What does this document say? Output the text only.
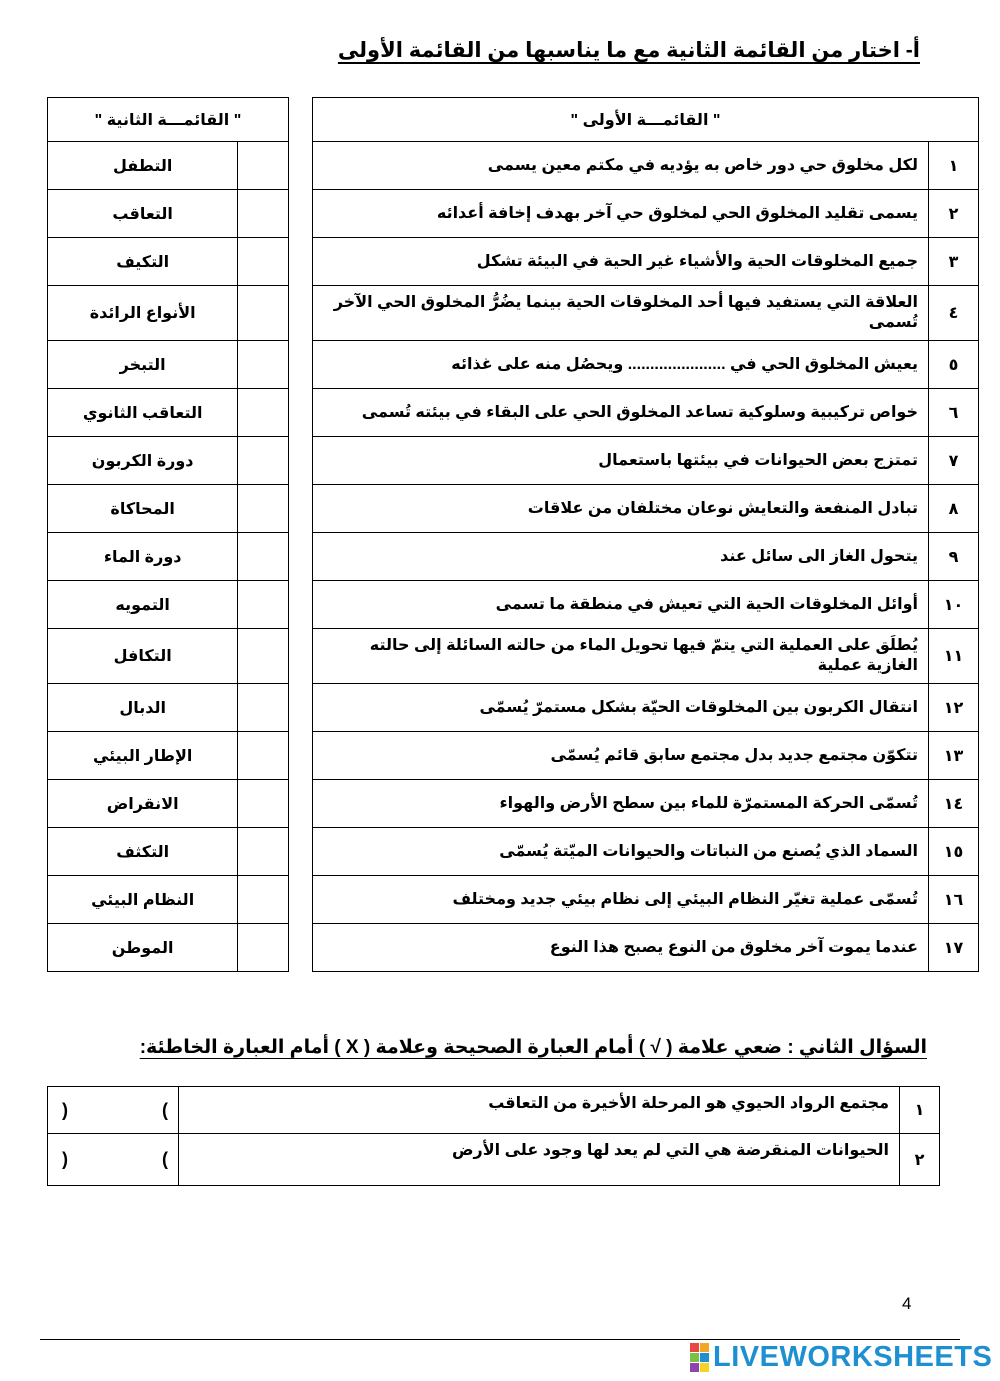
أ- اختار من القائمة الثانية مع ما يناسبها من القائمة الأولى
" القائمـــة الثانية "	
التطفل	
التعاقب	
التكيف	
الأنواع الرائدة	
التبخر	
التعاقب الثانوي	
دورة الكربون	
المحاكاة	
دورة الماء	
التمويه	
التكافل	
الدبال	
الإطار البيئي	
الانقراض	
التكثف	
النظام البيئي	
الموطن	
" القائمـــة الأولى "	
١	لكل مخلوق حي دور خاص به يؤديه في مكتم معين يسمى
٢	يسمى تقليد المخلوق الحي لمخلوق حي آخر بهدف إخافة أعدائه
٣	جميع المخلوقات الحية والأشياء غير الحية في البيئة تشكل
٤	العلاقة التي يستفيد فيها أحد المخلوقات الحية بينما يضُرُّ المخلوق الحي الآخر تُسمى
٥	يعيش المخلوق الحي في ...................... ويحصُل منه على غذائه
٦	خواص تركيبية وسلوكية تساعد المخلوق الحي على البقاء في بيئته تُسمى
٧	تمتزج بعض الحيوانات في بيئتها باستعمال
٨	تبادل المنفعة والتعايش نوعان مختلفان من علاقات
٩	يتحول الغاز الى سائل عند
١٠	أوائل المخلوقات الحية التي تعيش في منطقة ما تسمى
١١	يُطلَق على العملية التي يتمّ فيها تحويل الماء من حالته السائلة إلى حالته الغازية عملية
١٢	انتقال الكربون بين المخلوقات الحيّة بشكل مستمرّ يُسمّى
١٣	تتكوّن مجتمع جديد بدل مجتمع سابق قائم يُسمّى
١٤	تُسمّى الحركة المستمرّة للماء بين سطح الأرض والهواء
١٥	السماد الذي يُصنع من النباتات والحيوانات الميّتة يُسمّى
١٦	تُسمّى عملية تغيّر النظام البيئي إلى نظام بيئي جديد ومختلف
١٧	عندما يموت آخر مخلوق من النوع يصبح هذا النوع
السؤال الثاني : ضعي علامة ( √ ) أمام العبارة الصحيحة وعلامة ( X ) أمام العبارة الخاطئة:
١	مجتمع الرواد الحيوي هو المرحلة الأخيرة من التعاقب	) (

٢	الحيوانات المنقرضة هي التي لم يعد لها وجود على الأرض	) (
4
LIVEWORKSHEETS
